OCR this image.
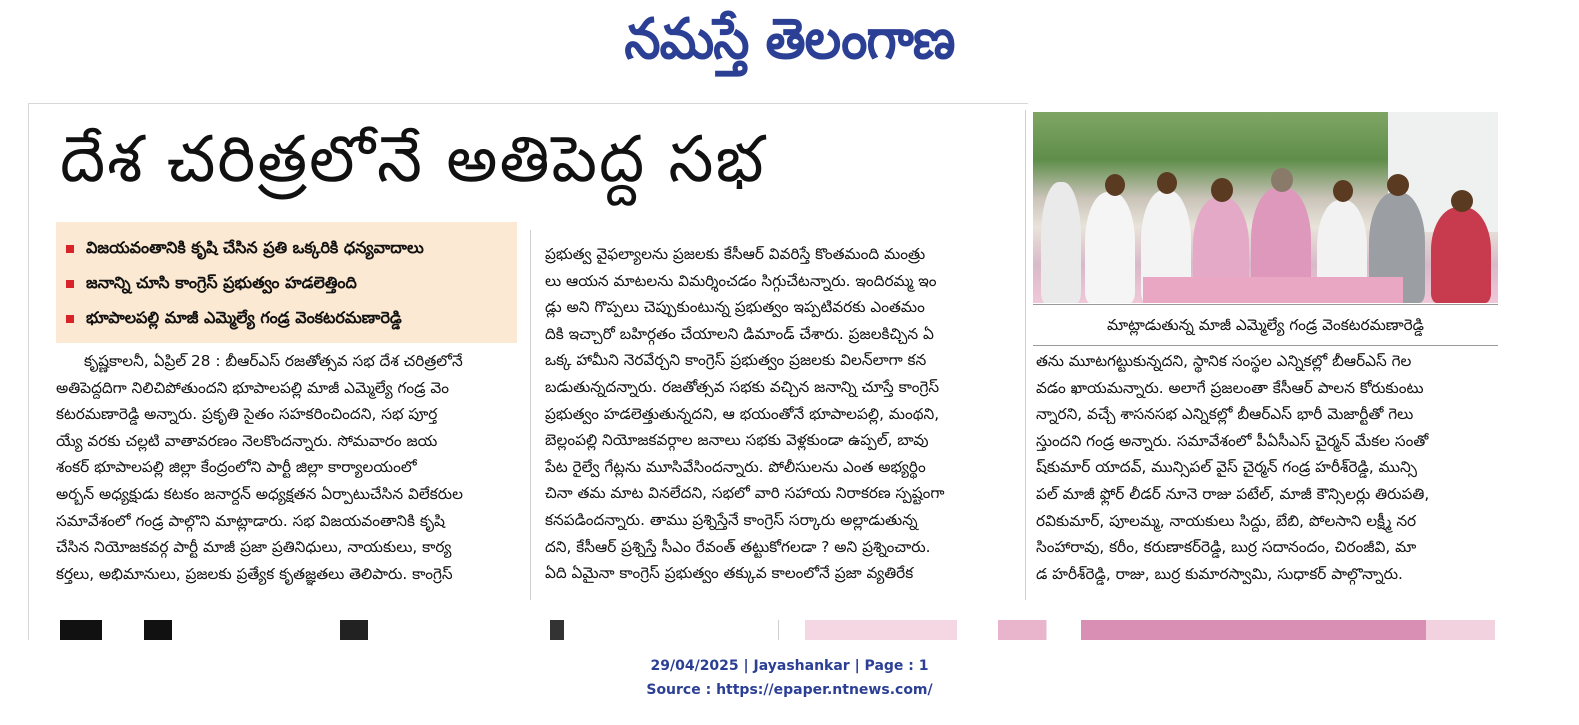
నమస్తే తెలంగాణ
దేశ చరిత్రలోనే అతిపెద్ద సభ
విజయవంతానికి కృషి చేసిన ప్రతి ఒక్కరికి ధన్యవాదాలు
జనాన్ని చూసి కాంగ్రెస్ ప్రభుత్వం హడలెత్తింది
భూపాలపల్లి మాజీ ఎమ్మెల్యే గండ్ర వెంకటరమణారెడ్డి

కృష్ణకాలనీ, ఏప్రిల్ 28 : బీఆర్ఎస్ రజతోత్సవ సభ దేశ చరిత్రలోనే

అతిపెద్దదిగా నిలిచిపోతుందని భూపాలపల్లి మాజీ ఎమ్మెల్యే గండ్ర వెం

కటరమణారెడ్డి అన్నారు. ప్రకృతి సైతం సహకరించిందని, సభ పూర్త

య్యే వరకు చల్లటి వాతావరణం నెలకొందన్నారు. సోమవారం జయ

శంకర్ భూపాలపల్లి జిల్లా కేంద్రంలోని పార్టీ జిల్లా కార్యాలయంలో

అర్బన్ అధ్యక్షుడు కటకం జనార్దన్ అధ్యక్షతన ఏర్పాటుచేసిన విలేకరుల

సమావేశంలో గండ్ర పాల్గొని మాట్లాడారు. సభ విజయవంతానికి కృషి

చేసిన నియోజకవర్గ పార్టీ మాజీ ప్రజా ప్రతినిధులు, నాయకులు, కార్య

కర్తలు, అభిమానులు, ప్రజలకు ప్రత్యేక కృతజ్ఞతలు తెలిపారు. కాంగ్రెస్

ప్రభుత్వ వైఫల్యాలను ప్రజలకు కేసీఆర్ వివరిస్తే కొంతమంది మంత్రు

లు ఆయన మాటలను విమర్శించడం సిగ్గుచేటన్నారు. ఇందిరమ్మ ఇం

డ్లు అని గొప్పలు చెప్పుకుంటున్న ప్రభుత్వం ఇప్పటివరకు ఎంతమం

దికి ఇచ్చారో బహిర్గతం చేయాలని డిమాండ్ చేశారు. ప్రజలకిచ్చిన ఏ

ఒక్క హామీని నెరవేర్చని కాంగ్రెస్ ప్రభుత్వం ప్రజలకు విలన్‌లాగా కన

బడుతున్నదన్నారు. రజతోత్సవ సభకు వచ్చిన జనాన్ని చూస్తే కాంగ్రెస్

ప్రభుత్వం హడలెత్తుతున్నదని, ఆ భయంతోనే భూపాలపల్లి, మంథని,

బెల్లంపల్లి నియోజకవర్గాల జనాలు సభకు వెళ్లకుండా ఉప్పల్, బావు

పేట రైల్వే గేట్లను మూసివేసిందన్నారు. పోలీసులను ఎంత అభ్యర్థిం

చినా తమ మాట వినలేదని, సభలో వారి సహాయ నిరాకరణ స్పష్టంగా

కనపడిందన్నారు. తాము ప్రశ్నిస్తేనే కాంగ్రెస్ సర్కారు అల్లాడుతున్న

దని, కేసీఆర్ ప్రశ్నిస్తే సీఎం రేవంత్ తట్టుకోగలడా ? అని ప్రశ్నించారు.

ఏది ఏమైనా కాంగ్రెస్ ప్రభుత్వం తక్కువ కాలంలోనే ప్రజా వ్యతిరేక

మాట్లాడుతున్న మాజీ ఎమ్మెల్యే గండ్ర వెంకటరమణారెడ్డి

తను మూటగట్టుకున్నదని, స్థానిక సంస్థల ఎన్నికల్లో బీఆర్ఎస్ గెల

వడం ఖాయమన్నారు. అలాగే ప్రజలంతా కేసీఆర్ పాలన కోరుకుంటు

న్నారని, వచ్చే శాసనసభ ఎన్నికల్లో బీఆర్ఎస్ భారీ మెజార్టీతో గెలు

స్తుందని గండ్ర అన్నారు. సమావేశంలో పీఏసీఎస్ చైర్మన్ మేకల సంతో

ష్‌కుమార్ యాదవ్, మున్సిపల్ వైస్ చైర్మన్ గండ్ర హరీశ్‌రెడ్డి, మున్సి

పల్ మాజీ ఫ్లోర్ లీడర్ నూనె రాజు పటేల్, మాజీ కౌన్సిలర్లు తిరుపతి,

రవికుమార్, పూలమ్మ, నాయకులు సిద్దు, బేబి, పోలసాని లక్ష్మీ నర

సింహారావు, కరీం, కరుణాకర్‌రెడ్డి, బుర్ర సదానందం, చిరంజీవి, మా

డ హరీశ్‌రెడ్డి, రాజు, బుర్ర కుమారస్వామి, సుధాకర్ పాల్గొన్నారు.

29/04/2025 | Jayashankar | Page : 1
Source : https://epaper.ntnews.com/
